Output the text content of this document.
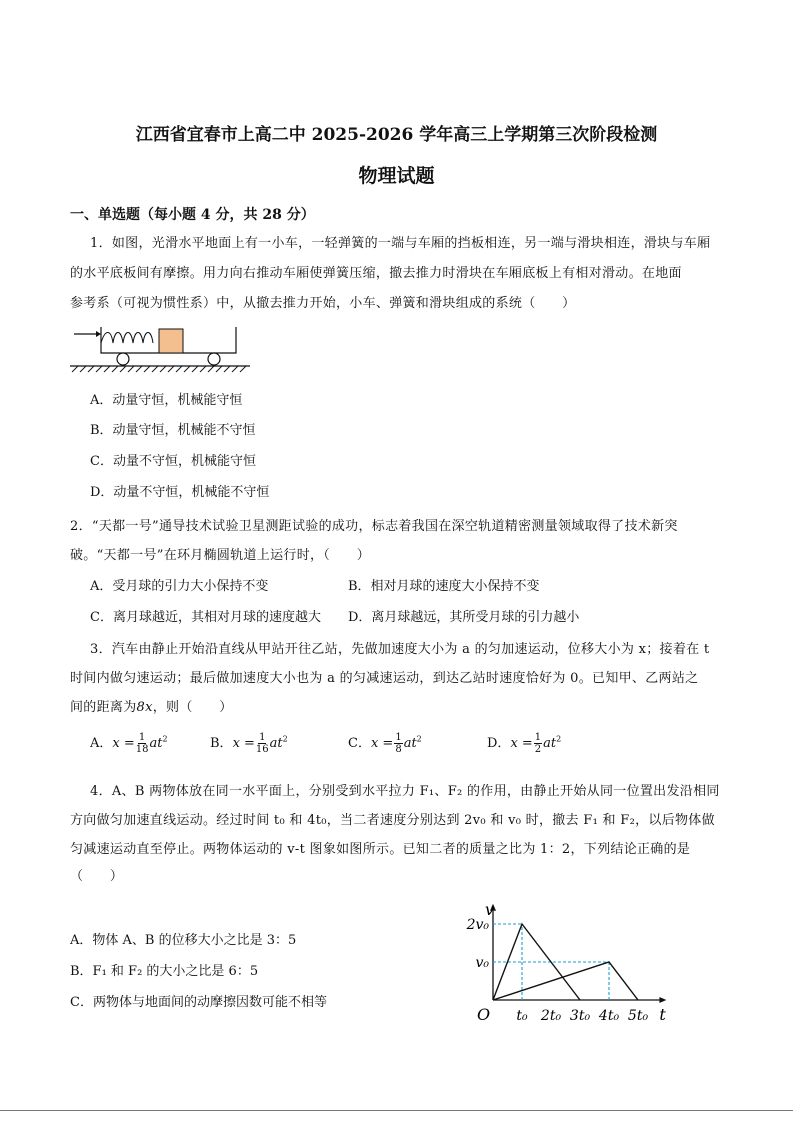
江西省宜春市上高二中 2025-2026 学年高三上学期第三次阶段检测
物理试题
一、单选题（每小题 4 分，共 28 分）
1．如图，光滑水平地面上有一小车，一轻弹簧的一端与车厢的挡板相连，另一端与滑块相连，滑块与车厢
的水平底板间有摩擦。用力向右推动车厢使弹簧压缩，撤去推力时滑块在车厢底板上有相对滑动。在地面
参考系（可视为惯性系）中，从撤去推力开始，小车、弹簧和滑块组成的系统（　　）
A．动量守恒，机械能守恒
B．动量守恒，机械能不守恒
C．动量不守恒，机械能守恒
D．动量不守恒，机械能不守恒
2．“天都一号”通导技术试验卫星测距试验的成功，标志着我国在深空轨道精密测量领域取得了技术新突
破。“天都一号”在环月椭圆轨道上运行时，（　　）
A．受月球的引力大小保持不变	B．相对月球的速度大小保持不变
C．离月球越近，其相对月球的速度越大 D．离月球越远，其所受月球的引力越小
3．汽车由静止开始沿直线从甲站开往乙站，先做加速度大小为 a 的匀加速运动，位移大小为 x；接着在 t
时间内做匀速运动；最后做加速度大小也为 a 的匀减速运动，到达乙站时速度恰好为 0。已知甲、乙两站之
间的距离为8x，则（　　）
A．$x = \frac{1}{18} at^2$	B．$x = \frac{1}{16} at^2$	C．$x = \frac{1}{8} at^2$	D．$x = \frac{1}{2} at^2$
4．A、B 两物体放在同一水平面上，分别受到水平拉力 F₁、F₂ 的作用，由静止开始从同一位置出发沿相同
方向做匀加速直线运动。经过时间 t₀ 和 4t₀，当二者速度分别达到 2v₀ 和 v₀ 时，撤去 F₁ 和 F₂，以后物体做
匀减速运动直至停止。两物体运动的 v-t 图象如图所示。已知二者的质量之比为 1：2，下列结论正确的是
（　　）
A．物体 A、B 的位移大小之比是 3：5
B．F₁ 和 F₂ 的大小之比是 6：5
C．两物体与地面间的动摩擦因数可能不相等
v
t
O t₀ 2t₀ 3t₀ 4t₀ 5t₀
2v₀
v₀
